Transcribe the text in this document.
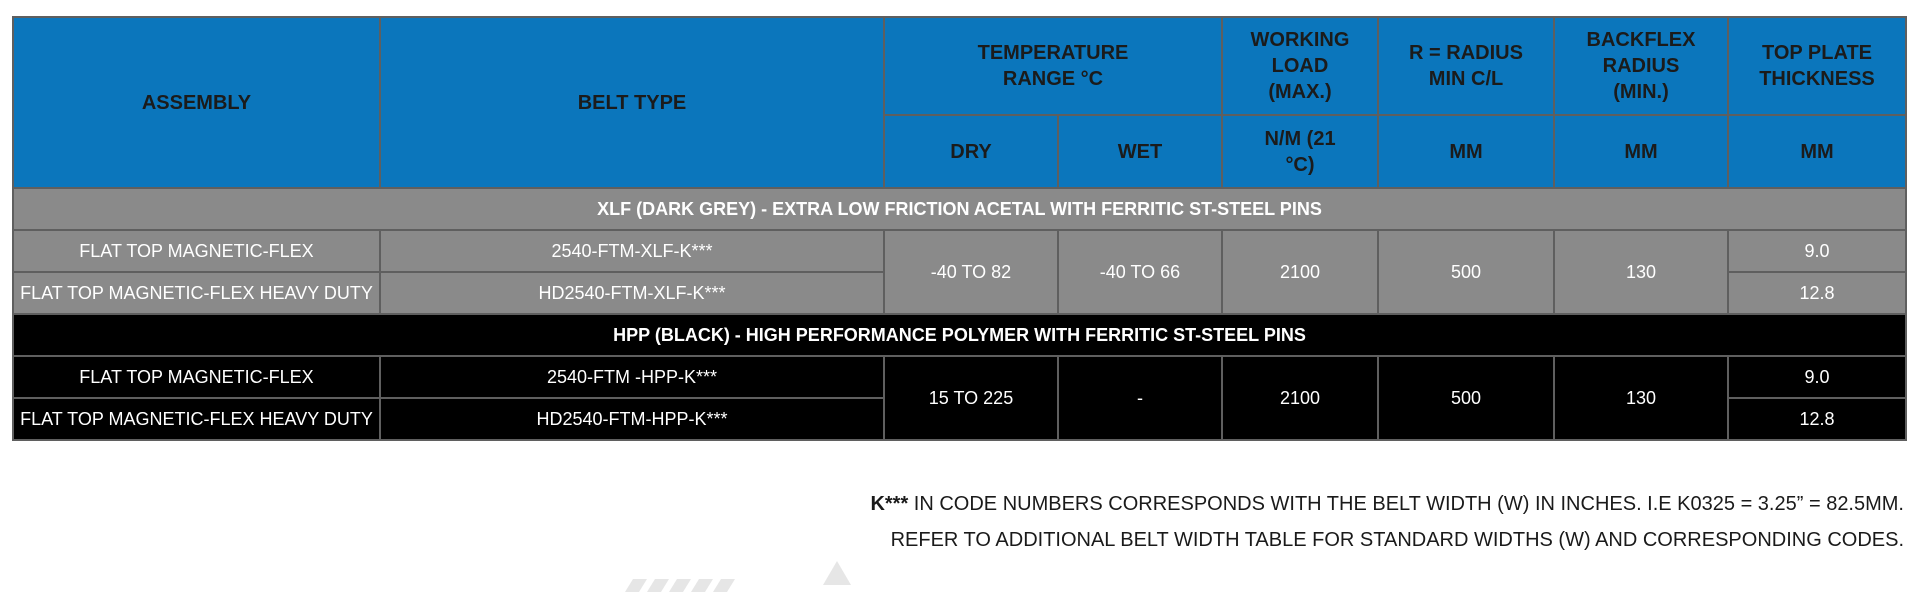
ASSEMBLY	BELT TYPE	TEMPERATURE RANGE °C		WORKING LOAD (MAX.)	R = RADIUS MIN C/L	BACKFLEX RADIUS (MIN.)	TOP PLATE THICKNESS

		DRY	WET	N/M (21 °C)	MM	MM	MM
XLF (DARK GREY) - EXTRA LOW FRICTION ACETAL WITH FERRITIC ST-STEEL PINS							
FLAT TOP MAGNETIC-FLEX	2540-FTM-XLF-K***	-40 TO 82	-40 TO 66	2100	500	130	9.0
FLAT TOP MAGNETIC-FLEX HEAVY DUTY	HD2540-FTM-XLF-K***						12.8
HPP (BLACK) - HIGH PERFORMANCE POLYMER WITH FERRITIC ST-STEEL PINS							
FLAT TOP MAGNETIC-FLEX	2540-FTM -HPP-K***	15 TO 225	-	2100	500	130	9.0
FLAT TOP MAGNETIC-FLEX HEAVY DUTY	HD2540-FTM-HPP-K***						12.8
K*** IN CODE NUMBERS CORRESPONDS WITH THE BELT WIDTH (W) IN INCHES. I.E K0325 = 3.25” = 82.5MM.
REFER TO ADDITIONAL BELT WIDTH TABLE FOR STANDARD WIDTHS (W) AND CORRESPONDING CODES.
